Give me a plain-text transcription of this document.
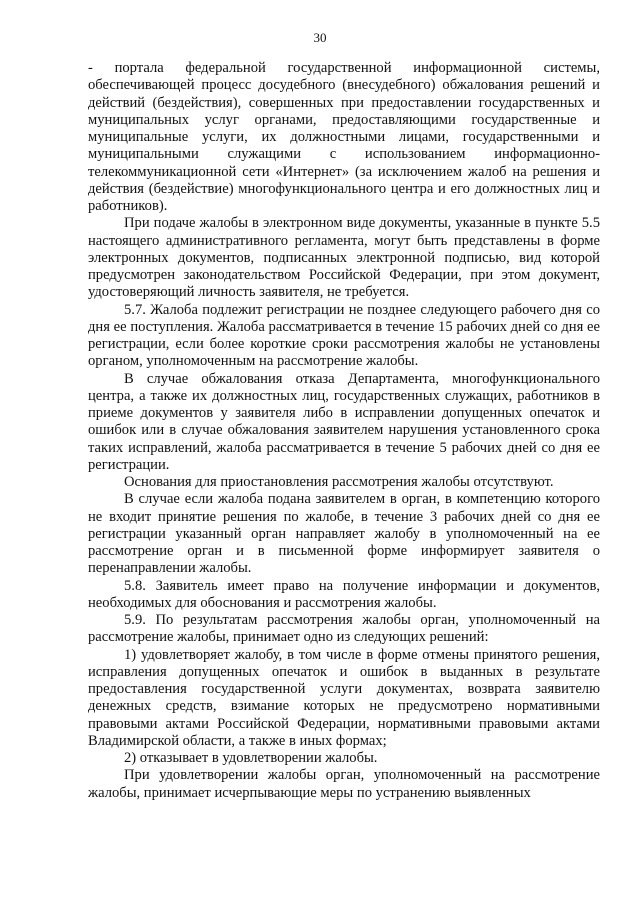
30

- портала федеральной государственной информационной системы, обеспечивающей процесс досудебного (внесудебного) обжалования решений и действий (бездействия), совершенных при предоставлении государственных и муниципальных услуг органами, предоставляющими государственные и муниципальные услуги, их должностными лицами, государственными и муниципальными служащими с использованием информационно-телекоммуникационной сети «Интернет» (за исключением жалоб на решения и действия (бездействие) многофункционального центра и его должностных лиц и работников).

При подаче жалобы в электронном виде документы, указанные в пункте 5.5 настоящего административного регламента, могут быть представлены в форме электронных документов, подписанных электронной подписью, вид которой предусмотрен законодательством Российской Федерации, при этом документ, удостоверяющий личность заявителя, не требуется.

5.7. Жалоба подлежит регистрации не позднее следующего рабочего дня со дня ее поступления. Жалоба рассматривается в течение 15 рабочих дней со дня ее регистрации, если более короткие сроки рассмотрения жалобы не установлены органом, уполномоченным на рассмотрение жалобы.

В случае обжалования отказа Департамента, многофункционального центра, а также их должностных лиц, государственных служащих, работников в приеме документов у заявителя либо в исправлении допущенных опечаток и ошибок или в случае обжалования заявителем нарушения установленного срока таких исправлений, жалоба рассматривается в течение 5 рабочих дней со дня ее регистрации.

Основания для приостановления рассмотрения жалобы отсутствуют.

В случае если жалоба подана заявителем в орган, в компетенцию которого не входит принятие решения по жалобе, в течение 3 рабочих дней со дня ее регистрации указанный орган направляет жалобу в уполномоченный на ее рассмотрение орган и в письменной форме информирует заявителя о перенаправлении жалобы.

5.8. Заявитель имеет право на получение информации и документов, необходимых для обоснования и рассмотрения жалобы.

5.9. По результатам рассмотрения жалобы орган, уполномоченный на рассмотрение жалобы, принимает одно из следующих решений:

1) удовлетворяет жалобу, в том числе в форме отмены принятого решения, исправления допущенных опечаток и ошибок в выданных в результате предоставления государственной услуги документах, возврата заявителю денежных средств, взимание которых не предусмотрено нормативными правовыми актами Российской Федерации, нормативными правовыми актами Владимирской области, а также в иных формах;

2) отказывает в удовлетворении жалобы.

При удовлетворении жалобы орган, уполномоченный на рассмотрение жалобы, принимает исчерпывающие меры по устранению выявленных
